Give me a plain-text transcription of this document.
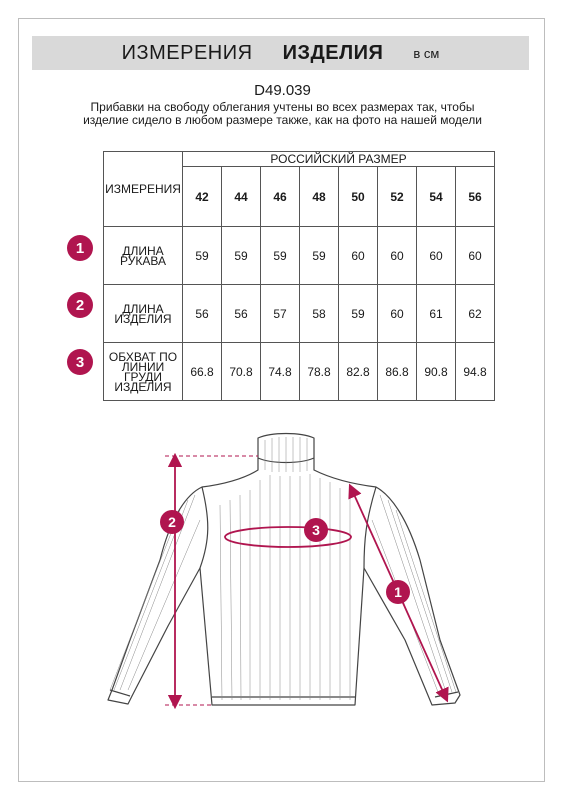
ИЗМЕРЕНИЯ ИЗДЕЛИЯ в см
D49.039
Прибавки на свободу облегания учтены во всех размерах так, чтобы изделие сидело в любом размере также, как на фото на нашей модели
ИЗМЕРЕНИЯ	РОССИЙСКИЙ РАЗМЕР							
	42	44	46	48	50	52	54	56
ДЛИНА РУКАВА	59	59	59	59	60	60	60	60
ДЛИНА ИЗДЕЛИЯ	56	56	57	58	59	60	61	62
ОБХВАТ ПО ЛИНИИ ГРУДИ ИЗДЕЛИЯ	66.8	70.8	74.8	78.8	82.8	86.8	90.8	94.8
1
2
3
2	3
1
